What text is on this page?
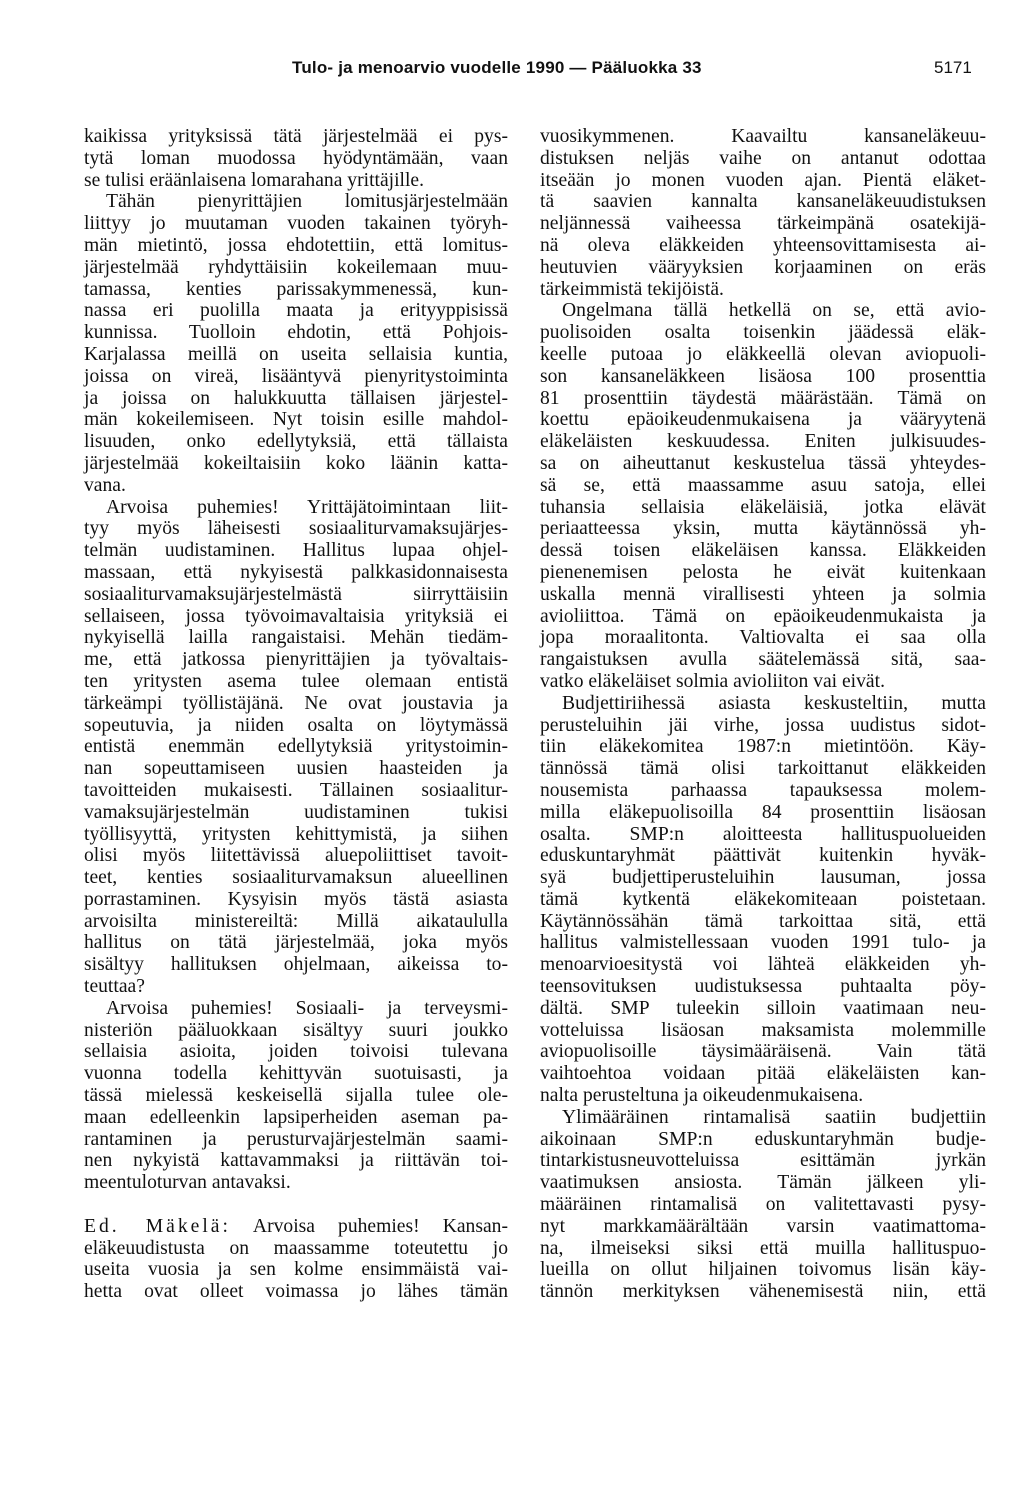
Tulo- ja menoarvio vuodelle 1990 — Pääluokka 33	5171
kaikissa yrityksissä tätä järjestelmää ei pys-
tytä loman muodossa hyödyntämään, vaan
se tulisi eräänlaisena lomarahana yrittäjille.
Tähän pienyrittäjien lomitusjärjestelmään
liittyy jo muutaman vuoden takainen työryh-
män mietintö, jossa ehdotettiin, että lomitus-
järjestelmää ryhdyttäisiin kokeilemaan muu-
tamassa, kenties parissakymmenessä, kun-
nassa eri puolilla maata ja erityyppisissä
kunnissa. Tuolloin ehdotin, että Pohjois-
Karjalassa meillä on useita sellaisia kuntia,
joissa on vireä, lisääntyvä pienyritystoiminta
ja joissa on halukkuutta tällaisen järjestel-
män kokeilemiseen. Nyt toisin esille mahdol-
lisuuden, onko edellytyksiä, että tällaista
järjestelmää kokeiltaisiin koko läänin katta-
vana.
Arvoisa puhemies! Yrittäjätoimintaan liit-
tyy myös läheisesti sosiaaliturvamaksujärjes-
telmän uudistaminen. Hallitus lupaa ohjel-
massaan, että nykyisestä palkkasidonnaisesta
sosiaaliturvamaksujärjestelmästä siirryttäisiin
sellaiseen, jossa työvoimavaltaisia yrityksiä ei
nykyisellä lailla rangaistaisi. Mehän tiedäm-
me, että jatkossa pienyrittäjien ja työvaltais-
ten yritysten asema tulee olemaan entistä
tärkeämpi työllistäjänä. Ne ovat joustavia ja
sopeutuvia, ja niiden osalta on löytymässä
entistä enemmän edellytyksiä yritystoimin-
nan sopeuttamiseen uusien haasteiden ja
tavoitteiden mukaisesti. Tällainen sosiaalitur-
vamaksujärjestelmän uudistaminen tukisi
työllisyyttä, yritysten kehittymistä, ja siihen
olisi myös liitettävissä aluepoliittiset tavoit-
teet, kenties sosiaaliturvamaksun alueellinen
porrastaminen. Kysyisin myös tästä asiasta
arvoisilta ministereiltä: Millä aikataululla
hallitus on tätä järjestelmää, joka myös
sisältyy hallituksen ohjelmaan, aikeissa to-
teuttaa?
Arvoisa puhemies! Sosiaali- ja terveysmi-
nisteriön pääluokkaan sisältyy suuri joukko
sellaisia asioita, joiden toivoisi tulevana
vuonna todella kehittyvän suotuisasti, ja
tässä mielessä keskeisellä sijalla tulee ole-
maan edelleenkin lapsiperheiden aseman pa-
rantaminen ja perusturvajärjestelmän saami-
nen nykyistä kattavammaksi ja riittävän toi-
meentuloturvan antavaksi.
Ed. Mäkelä: Arvoisa puhemies! Kansan-
eläkeuudistusta on maassamme toteutettu jo
useita vuosia ja sen kolme ensimmäistä vai-
hetta ovat olleet voimassa jo lähes tämän
vuosikymmenen. Kaavailtu kansaneläkeuu-
distuksen neljäs vaihe on antanut odottaa
itseään jo monen vuoden ajan. Pientä eläket-
tä saavien kannalta kansaneläkeuudistuksen
neljännessä vaiheessa tärkeimpänä osatekijä-
nä oleva eläkkeiden yhteensovittamisesta ai-
heutuvien vääryyksien korjaaminen on eräs
tärkeimmistä tekijöistä.
Ongelmana tällä hetkellä on se, että avio-
puolisoiden osalta toisenkin jäädessä eläk-
keelle putoaa jo eläkkeellä olevan aviopuoli-
son kansaneläkkeen lisäosa 100 prosenttia
81 prosenttiin täydestä määrästään. Tämä on
koettu epäoikeudenmukaisena ja vääryytenä
eläkeläisten keskuudessa. Eniten julkisuudes-
sa on aiheuttanut keskustelua tässä yhteydes-
sä se, että maassamme asuu satoja, ellei
tuhansia sellaisia eläkeläisiä, jotka elävät
periaatteessa yksin, mutta käytännössä yh-
dessä toisen eläkeläisen kanssa. Eläkkeiden
pienenemisen pelosta he eivät kuitenkaan
uskalla mennä virallisesti yhteen ja solmia
avioliittoa. Tämä on epäoikeudenmukaista ja
jopa moraalitonta. Valtiovalta ei saa olla
rangaistuksen avulla säätelemässä sitä, saa-
vatko eläkeläiset solmia avioliiton vai eivät.
Budjettiriihessä asiasta keskusteltiin, mutta
perusteluihin jäi virhe, jossa uudistus sidot-
tiin eläkekomitea 1987:n mietintöön. Käy-
tännössä tämä olisi tarkoittanut eläkkeiden
nousemista parhaassa tapauksessa molem-
milla eläkepuolisoilla 84 prosenttiin lisäosan
osalta. SMP:n aloitteesta hallituspuolueiden
eduskuntaryhmät päättivät kuitenkin hyväk-
syä budjettiperusteluihin lausuman, jossa
tämä kytkentä eläkekomiteaan poistetaan.
Käytännössähän tämä tarkoittaa sitä, että
hallitus valmistellessaan vuoden 1991 tulo- ja
menoarvioesitystä voi lähteä eläkkeiden yh-
teensovituksen uudistuksessa puhtaalta pöy-
dältä. SMP tuleekin silloin vaatimaan neu-
votteluissa lisäosan maksamista molemmille
aviopuolisoille täysimääräisenä. Vain tätä
vaihtoehtoa voidaan pitää eläkeläisten kan-
nalta perusteltuna ja oikeudenmukaisena.
Ylimääräinen rintamalisä saatiin budjettiin
aikoinaan SMP:n eduskuntaryhmän budje-
tintarkistusneuvotteluissa esittämän jyrkän
vaatimuksen ansiosta. Tämän jälkeen yli-
määräinen rintamalisä on valitettavasti pysy-
nyt markkamäärältään varsin vaatimattoma-
na, ilmeiseksi siksi että muilla hallituspuo-
lueilla on ollut hiljainen toivomus lisän käy-
tännön merkityksen vähenemisestä niin, että
